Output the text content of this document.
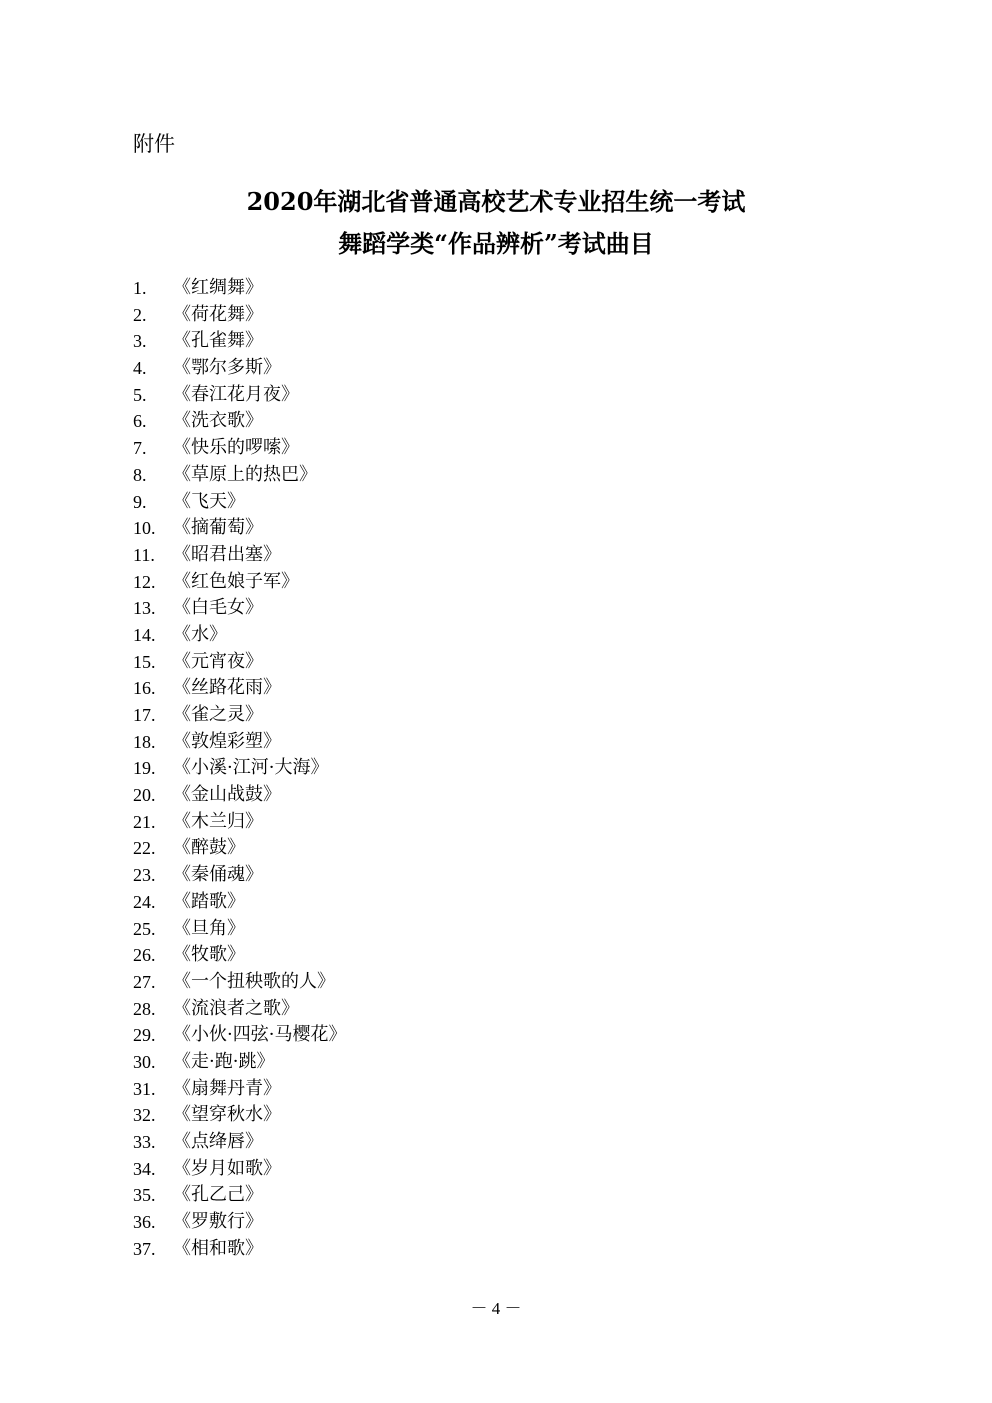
附件
2020年湖北省普通高校艺术专业招生统一考试
舞蹈学类“作品辨析”考试曲目
1.	《红绸舞》
2.	《荷花舞》
3.	《孔雀舞》
4.	《鄂尔多斯》
5.	《春江花月夜》
6.	《洗衣歌》
7.	《快乐的啰嗦》
8.	《草原上的热巴》
9.	《飞天》
10. 《摘葡萄》
11.	《昭君出塞》
12. 《红色娘子军》
13. 《白毛女》
14. 《水》
15. 《元宵夜》
16. 《丝路花雨》
17. 《雀之灵》
18. 《敦煌彩塑》
19. 《小溪·江河·大海》
20. 《金山战鼓》
21. 《木兰归》
22. 《醉鼓》
23. 《秦俑魂》
24. 《踏歌》
25. 《旦角》
26. 《牧歌》
27. 《一个扭秧歌的人》
28. 《流浪者之歌》
29. 《小伙·四弦·马樱花》
30. 《走·跑·跳》
31. 《扇舞丹青》
32. 《望穿秋水》
33. 《点绛唇》
34. 《岁月如歌》
35. 《孔乙己》
36. 《罗敷行》
37. 《相和歌》
－ 4 －
